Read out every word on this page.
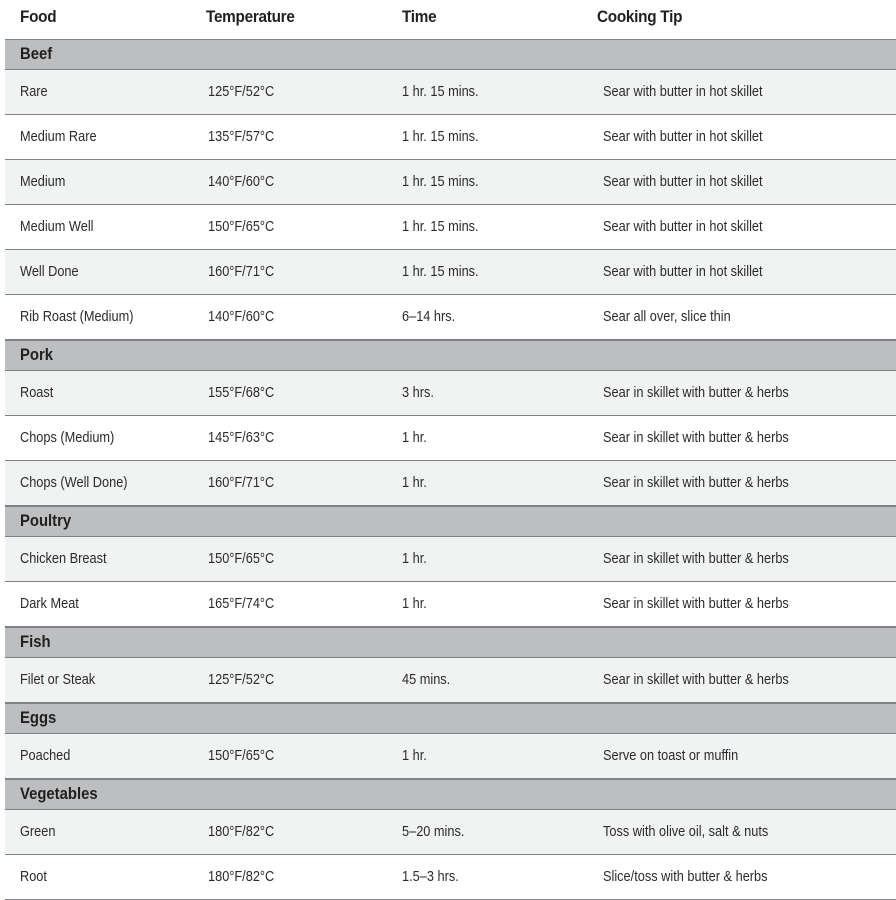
Food	Temperature	Time	Cooking Tip
Beef
Rare	125°F/52°C	1 hr. 15 mins.	Sear with butter in hot skillet
Medium Rare	135°F/57°C	1 hr. 15 mins.	Sear with butter in hot skillet
Medium	140°F/60°C	1 hr. 15 mins.	Sear with butter in hot skillet
Medium Well	150°F/65°C	1 hr. 15 mins.	Sear with butter in hot skillet
Well Done	160°F/71°C	1 hr. 15 mins.	Sear with butter in hot skillet
Rib Roast (Medium)	140°F/60°C	6–14 hrs.	Sear all over, slice thin
Pork
Roast	155°F/68°C	3 hrs.	Sear in skillet with butter & herbs
Chops (Medium)	145°F/63°C	1 hr.	Sear in skillet with butter & herbs
Chops (Well Done)	160°F/71°C	1 hr.	Sear in skillet with butter & herbs
Poultry
Chicken Breast	150°F/65°C	1 hr.	Sear in skillet with butter & herbs
Dark Meat	165°F/74°C	1 hr.	Sear in skillet with butter & herbs
Fish
Filet or Steak	125°F/52°C	45 mins.	Sear in skillet with butter & herbs
Eggs
Poached	150°F/65°C	1 hr.	Serve on toast or muffin
Vegetables
Green	180°F/82°C	5–20 mins.	Toss with olive oil, salt & nuts
Root	180°F/82°C	1.5–3 hrs.	Slice/toss with butter & herbs
